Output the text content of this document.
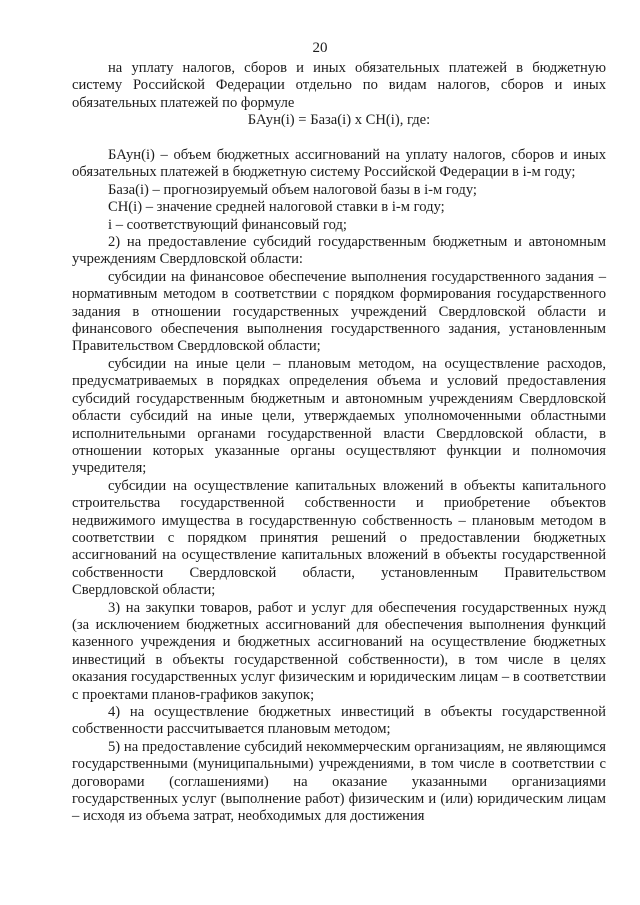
20

на уплату налогов, сборов и иных обязательных платежей в бюджетную систему Российской Федерации отдельно по видам налогов, сборов и иных обязательных платежей по формуле

БАун(i) = База(i) х СН(i), где:

БАун(i) – объем бюджетных ассигнований на уплату налогов, сборов и иных обязательных платежей в бюджетную систему Российской Федерации в i-м году;

База(i) – прогнозируемый объем налоговой базы в i-м году;

СН(i) – значение средней налоговой ставки в i-м году;

i – соответствующий финансовый год;

2) на предоставление субсидий государственным бюджетным и автономным учреждениям Свердловской области:

субсидии на финансовое обеспечение выполнения государственного задания – нормативным методом в соответствии с порядком формирования государственного задания в отношении государственных учреждений Свердловской области и финансового обеспечения выполнения государственного задания, установленным Правительством Свердловской области;

субсидии на иные цели – плановым методом, на осуществление расходов, предусматриваемых в порядках определения объема и условий предоставления субсидий государственным бюджетным и автономным учреждениям Свердловской области субсидий на иные цели, утверждаемых уполномоченными областными исполнительными органами государственной власти Свердловской области, в отношении которых указанные органы осуществляют функции и полномочия учредителя;

субсидии на осуществление капитальных вложений в объекты капитального строительства государственной собственности и приобретение объектов недвижимого имущества в государственную собственность – плановым методом в соответствии с порядком принятия решений о предоставлении бюджетных ассигнований на осуществление капитальных вложений в объекты государственной собственности Свердловской области, установленным Правительством Свердловской области;

3) на закупки товаров, работ и услуг для обеспечения государственных нужд (за исключением бюджетных ассигнований для обеспечения выполнения функций казенного учреждения и бюджетных ассигнований на осуществление бюджетных инвестиций в объекты государственной собственности), в том числе в целях оказания государственных услуг физическим и юридическим лицам – в соответствии с проектами планов-графиков закупок;

4) на осуществление бюджетных инвестиций в объекты государственной собственности рассчитывается плановым методом;

5) на предоставление субсидий некоммерческим организациям, не являющимся государственными (муниципальными) учреждениями, в том числе в соответствии с договорами (соглашениями) на оказание указанными организациями государственных услуг (выполнение работ) физическим и (или) юридическим лицам – исходя из объема затрат, необходимых для достижения
